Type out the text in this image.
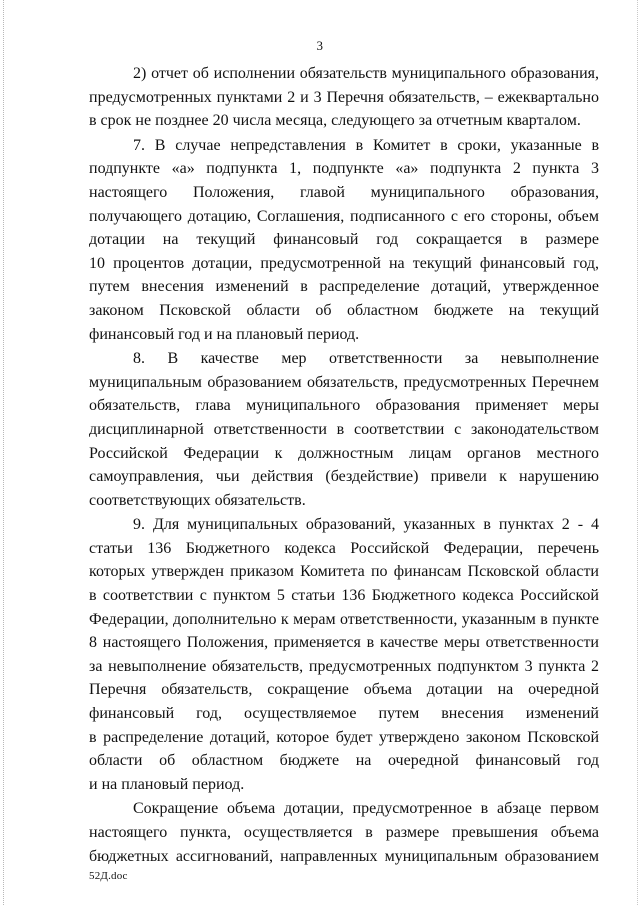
3

2) отчет об исполнении обязательств муниципального образования,
предусмотренных пунктами 2 и 3 Перечня обязательств, – ежеквартально
в срок не позднее 20 числа месяца, следующего за отчетным кварталом.

7. В случае непредставления в Комитет в сроки, указанные в
подпункте «а» подпункта 1, подпункте «а» подпункта 2 пункта 3
настоящего Положения, главой муниципального образования,
получающего дотацию, Соглашения, подписанного с его стороны, объем
дотации на текущий финансовый год сокращается в размере
10 процентов дотации, предусмотренной на текущий финансовый год,
путем внесения изменений в распределение дотаций, утвержденное
законом Псковской области об областном бюджете на текущий
финансовый год и на плановый период.

8. В качестве мер ответственности за невыполнение
муниципальным образованием обязательств, предусмотренных Перечнем
обязательств, глава муниципального образования применяет меры
дисциплинарной ответственности в соответствии с законодательством
Российской Федерации к должностным лицам органов местного
самоуправления, чьи действия (бездействие) привели к нарушению
соответствующих обязательств.

9. Для муниципальных образований, указанных в пунктах 2 - 4
статьи 136 Бюджетного кодекса Российской Федерации, перечень
которых утвержден приказом Комитета по финансам Псковской области
в соответствии с пунктом 5 статьи 136 Бюджетного кодекса Российской
Федерации, дополнительно к мерам ответственности, указанным в пункте
8 настоящего Положения, применяется в качестве меры ответственности
за невыполнение обязательств, предусмотренных подпунктом 3 пункта 2
Перечня обязательств, сокращение объема дотации на очередной
финансовый год, осуществляемое путем внесения изменений
в распределение дотаций, которое будет утверждено законом Псковской
области об областном бюджете на очередной финансовый год
и на плановый период.

Сокращение объема дотации, предусмотренное в абзаце первом
настоящего пункта, осуществляется в размере превышения объема
бюджетных ассигнований, направленных муниципальным образованием

52Д.doc
